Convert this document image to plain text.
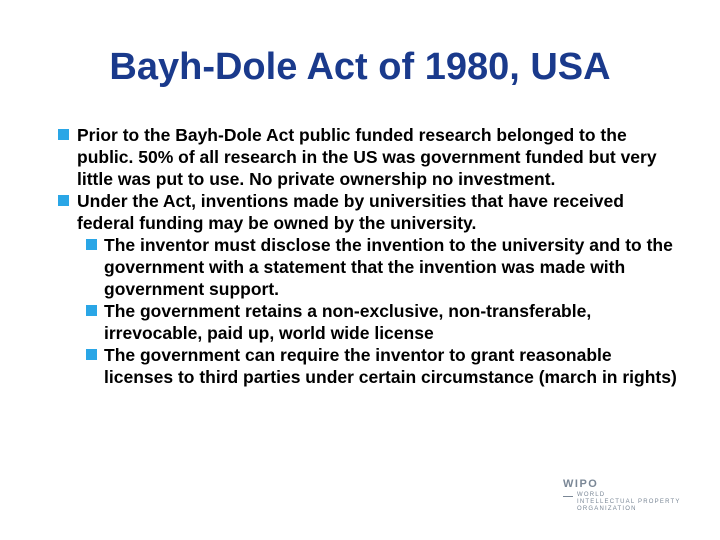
Bayh-Dole Act of 1980, USA
Prior to the Bayh-Dole Act public funded research belonged to the public. 50% of all research in the US was government funded but very little was put to use. No private ownership no investment.
Under the Act, inventions made by universities that have received federal funding may be owned by the university.
The inventor must disclose the invention to the university and to the government with a statement that the invention was made with government support.
The government retains a non-exclusive, non-transferable, irrevocable, paid up, world wide license
The government can require the inventor to grant reasonable licenses to third parties under certain circumstance (march in rights)
WIPO
WORLD
INTELLECTUAL PROPERTY
ORGANIZATION
